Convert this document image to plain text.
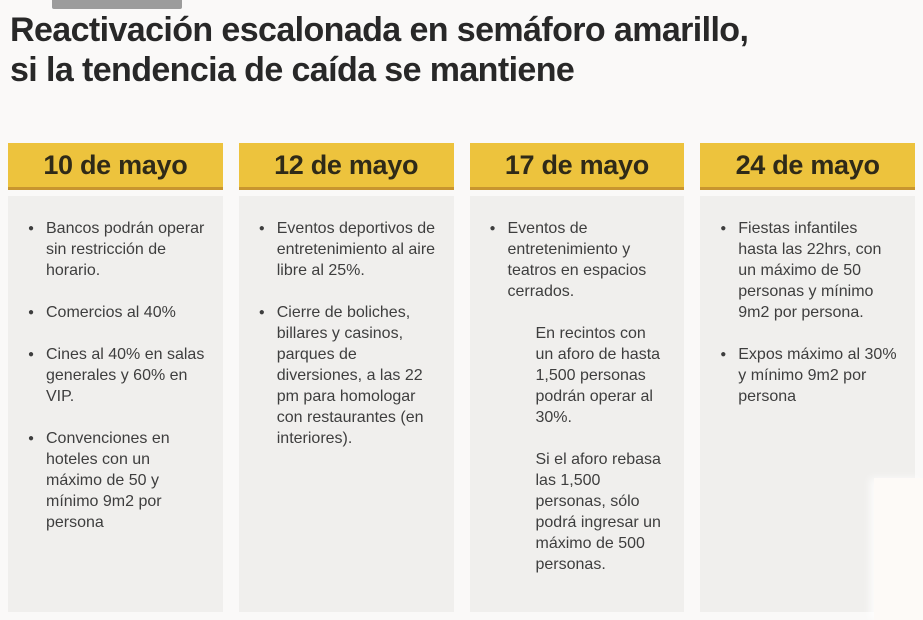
Reactivación escalonada en semáforo amarillo,
si la tendencia de caída se mantiene
10 de mayo
● Bancos podrán operar sin restricción de horario.
● Comercios al 40%
● Cines al 40% en salas generales y 60% en VIP.
● Convenciones en hoteles con un máximo de 50 y mínimo 9m2 por persona
12 de mayo
● Eventos deportivos de entretenimiento al aire libre al 25%.
● Cierre de boliches, billares y casinos, parques de diversiones, a las 22 pm para homologar con restaurantes (en interiores).
17 de mayo
● Eventos de entretenimiento y teatros en espacios cerrados.
En recintos con un aforo de hasta 1,500 personas podrán operar al 30%.
Si el aforo rebasa las 1,500 personas, sólo podrá ingresar un máximo de 500 personas.
24 de mayo
● Fiestas infantiles hasta las 22hrs, con un máximo de 50 personas y mínimo 9m2 por persona.
● Expos máximo al 30% y mínimo 9m2 por persona
